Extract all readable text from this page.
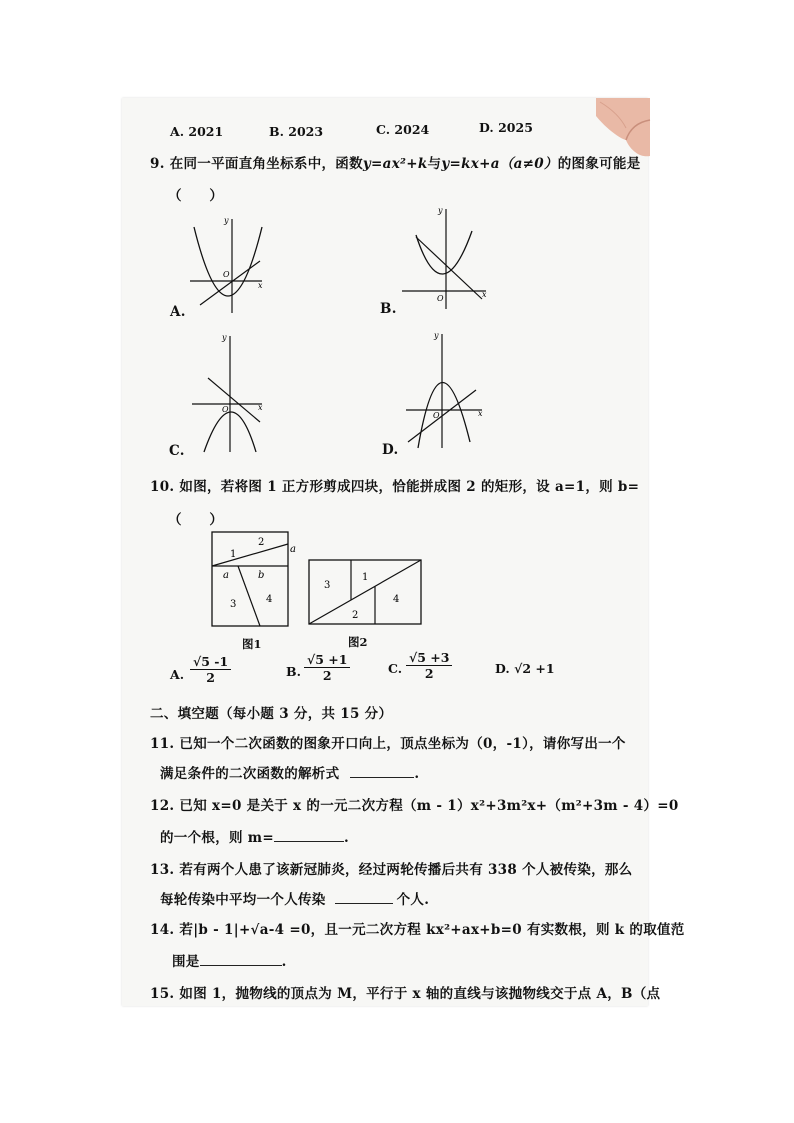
A. 2021	B. 2023	C. 2024	D. 2025
9. 在同一平面直角坐标系中，函数y=ax²+k与y=kx+a（a≠0）的图象可能是
（　　）
y
x
O
A.
y
x
O
B.
y
x
O
C.
y
x
O
D.
10. 如图，若将图 1 正方形剪成四块，恰能拼成图 2 的矩形，设 a=1，则 b=
（　　）
1
2
3	4
a
a	b
图1
3
1
2
4
图2
A. $\frac{√5 -1}{2}$	B. $\frac{√5 +1}{2}$	C. $\frac{√5 +3}{2}$	D. √2 +1
二、填空题（每小题 3 分，共 15 分）
11. 已知一个二次函数的图象开口向上，顶点坐标为（0，-1），请你写出一个
满足条件的二次函数的解析式	.
12. 已知 x=0 是关于 x 的一元二次方程（m - 1）x²+3m²x+（m²+3m - 4）=0
的一个根，则 m=	.
13. 若有两个人患了该新冠肺炎，经过两轮传播后共有 338 个人被传染，那么
每轮传染中平均一个人传染	个人.
14. 若|b - 1|+√a-4 =0，且一元二次方程 kx²+ax+b=0 有实数根，则 k 的取值范
围是	.
15. 如图 1，抛物线的顶点为 M，平行于 x 轴的直线与该抛物线交于点 A，B（点
